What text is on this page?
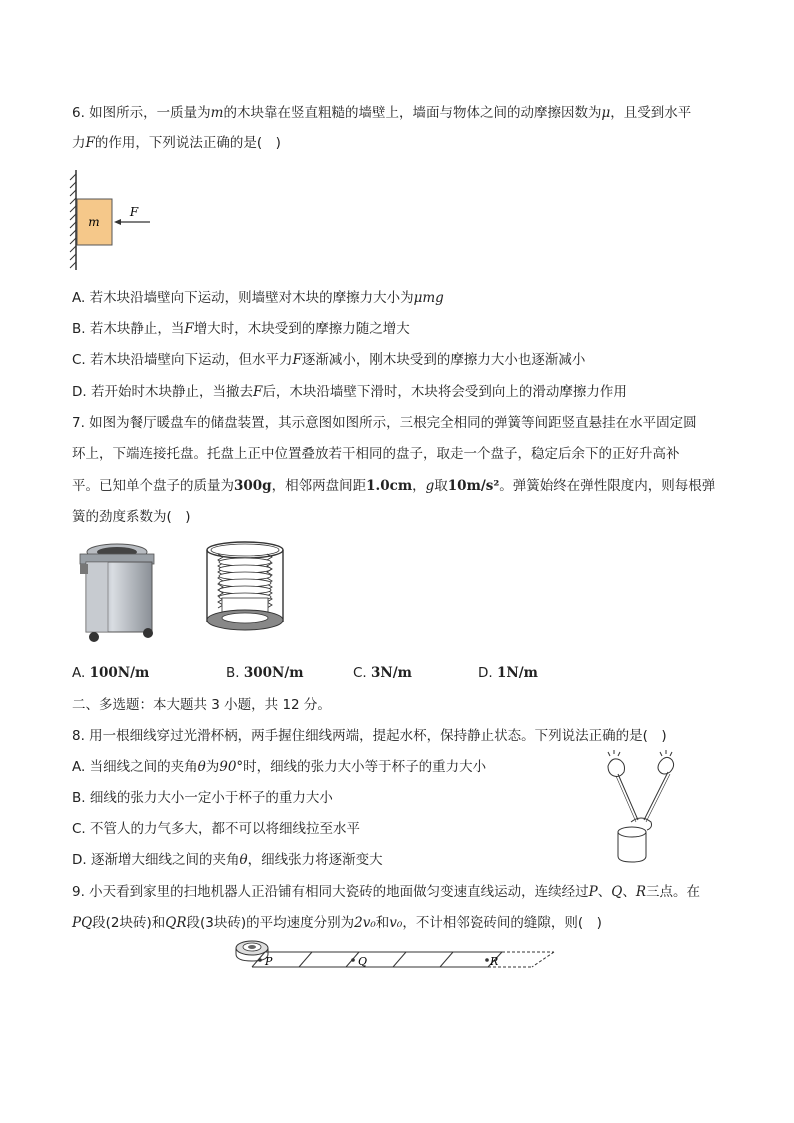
6. 如图所示，一质量为m的木块靠在竖直粗糙的墙壁上，墙面与物体之间的动摩擦因数为μ，且受到水平
力F的作用，下列说法正确的是(　)
m
F
A. 若木块沿墙壁向下运动，则墙壁对木块的摩擦力大小为μmg
B. 若木块静止，当F增大时，木块受到的摩擦力随之增大
C. 若木块沿墙壁向下运动，但水平力F逐渐减小，刚木块受到的摩擦力大小也逐渐减小
D. 若开始时木块静止，当撤去F后，木块沿墙壁下滑时，木块将会受到向上的滑动摩擦力作用
7. 如图为餐厅暖盘车的储盘装置，其示意图如图所示，三根完全相同的弹簧等间距竖直悬挂在水平固定圆
环上，下端连接托盘。托盘上正中位置叠放若干相同的盘子，取走一个盘子，稳定后余下的正好升高补
平。已知单个盘子的质量为300g，相邻两盘间距1.0cm，g取10m/s²。弹簧始终在弹性限度内，则每根弹
簧的劲度系数为(　)
A. 100N/m	B. 300N/m	C. 3N/m	D. 1N/m
二、多选题：本大题共 3 小题，共 12 分。
8. 用一根细线穿过光滑杯柄，两手握住细线两端，提起水杯，保持静止状态。下列说法正确的是(　)
A. 当细线之间的夹角θ为90°时，细线的张力大小等于杯子的重力大小
B. 细线的张力大小一定小于杯子的重力大小
C. 不管人的力气多大，都不可以将细线拉至水平
D. 逐渐增大细线之间的夹角θ，细线张力将逐渐变大
9. 小天看到家里的扫地机器人正沿铺有相同大瓷砖的地面做匀变速直线运动，连续经过P、Q、R三点。在
PQ段(2块砖)和QR段(3块砖)的平均速度分别为2v₀和v₀，不计相邻瓷砖间的缝隙，则(　)
P	Q	R
